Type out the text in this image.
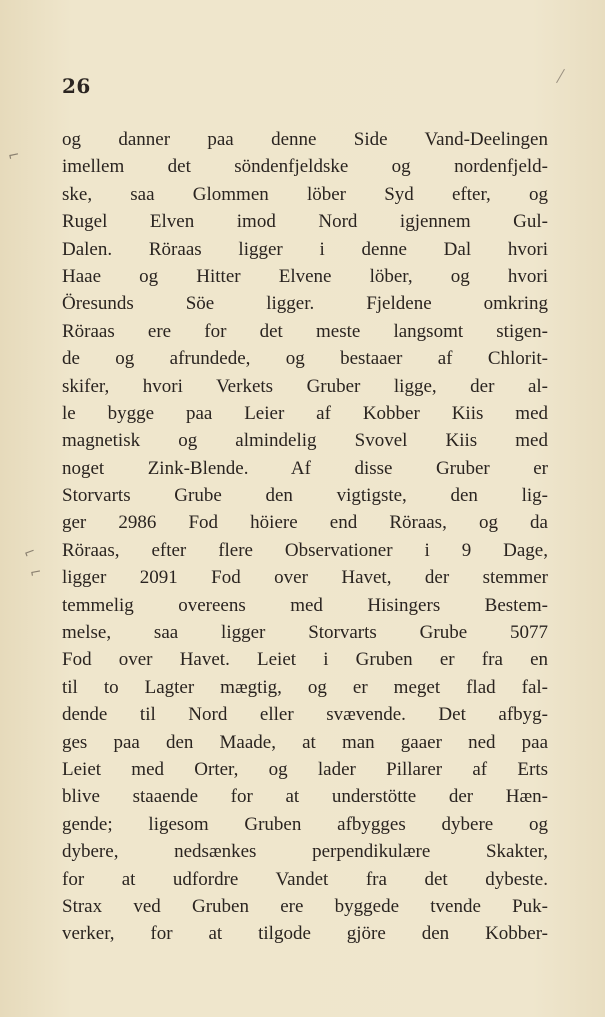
⌐
⌐
⌐
26
og danner paa denne Side Vand-Deelingen
imellem det söndenfjeldske og nordenfjeld-
ske, saa Glommen löber Syd efter, og
Rugel Elven imod Nord igjennem Gul-
Dalen. Röraas ligger i denne Dal hvori
Haae og Hitter Elvene löber, og hvori
Öresunds Söe ligger. Fjeldene omkring
Röraas ere for det meste langsomt stigen-
de og afrundede, og bestaaer af Chlorit-
skifer, hvori Verkets Gruber ligge, der al-
le bygge paa Leier af Kobber Kiis med
magnetisk og almindelig Svovel Kiis med
noget Zink-Blende. Af disse Gruber er
Storvarts Grube den vigtigste, den lig-
ger 2986 Fod höiere end Röraas, og da
Röraas, efter flere Observationer i 9 Dage,
ligger 2091 Fod over Havet, der stemmer
temmelig overeens med Hisingers Bestem-
melse, saa ligger Storvarts Grube 5077
Fod over Havet. Leiet i Gruben er fra en
til to Lagter mægtig, og er meget flad fal-
dende til Nord eller svævende. Det afbyg-
ges paa den Maade, at man gaaer ned paa
Leiet med Orter, og lader Pillarer af Erts
blive staaende for at understötte der Hæn-
gende; ligesom Gruben afbygges dybere og
dybere, nedsænkes perpendikulære Skakter,
for at udfordre Vandet fra det dybeste.
Strax ved Gruben ere byggede tvende Puk-
verker, for at tilgode gjöre den Kobber-
